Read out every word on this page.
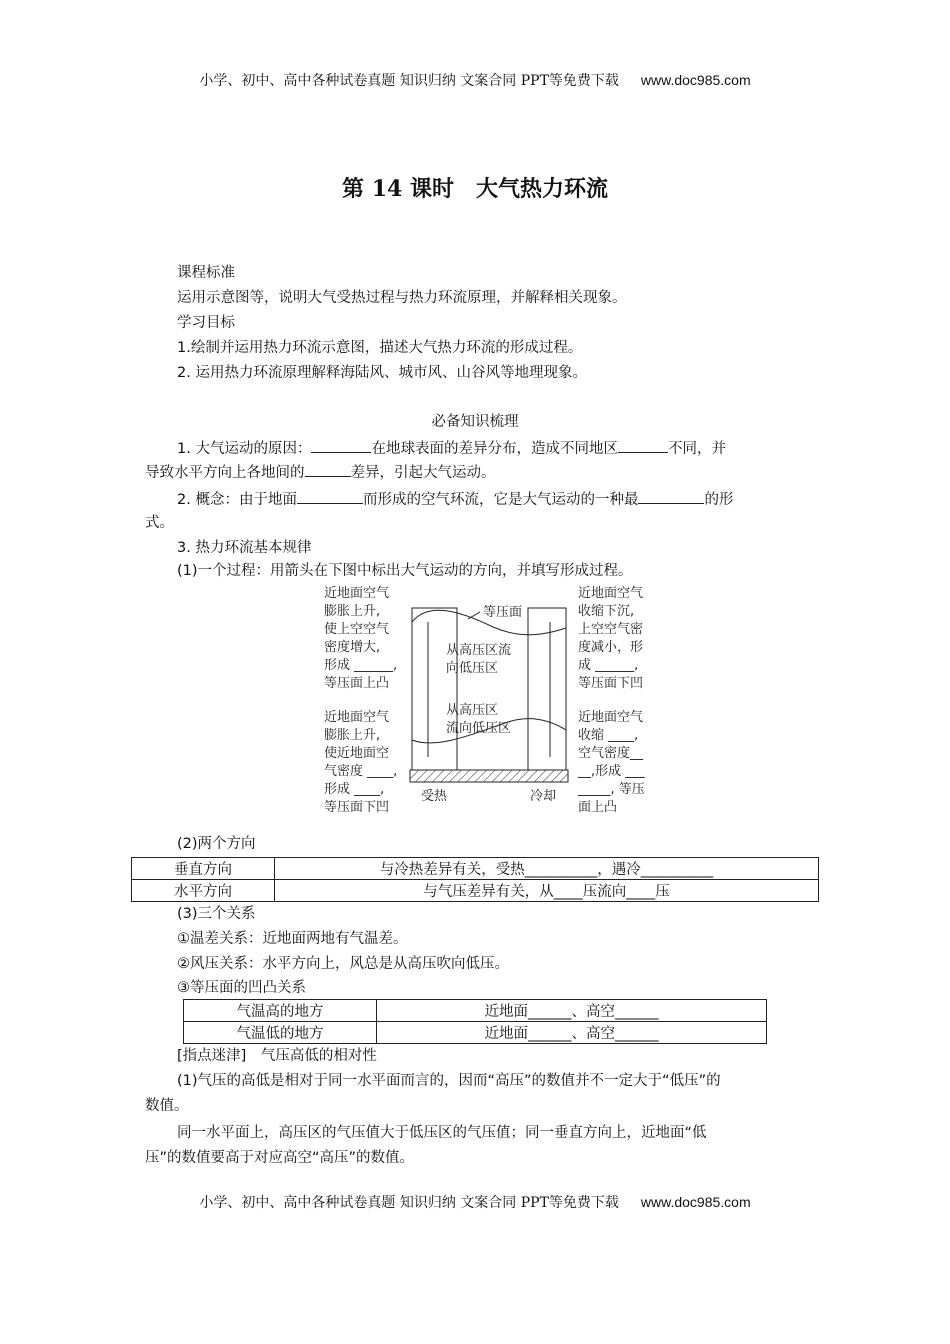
小学、初中、高中各种试卷真题 知识归纳 文案合同 PPT等免费下载 www.doc985.com
第 14 课时　大气热力环流
课程标准
运用示意图等，说明大气受热过程与热力环流原理，并解释相关现象。
学习目标
1.绘制并运用热力环流示意图，描述大气热力环流的形成过程。
2. 运用热力环流原理解释海陆风、城市风、山谷风等地理现象。
必备知识梳理
1. 大气运动的原因：	在地球表面的差异分布，造成不同地区	不同，并
导致水平方向上各地间的	差异，引起大气运动。
2. 概念：由于地面	而形成的空气环流，它是大气运动的一种最	的形
式。
3. 热力环流基本规律
(1)一个过程：用箭头在下图中标出大气运动的方向，并填写形成过程。
近地面空气
膨胀上升,
使上空空气
密度增大,
形成 ______,
等压面上凸
近地面空气
膨胀上升,
使近地面空
气密度 ____,
形成 ____,
等压面下凹
近地面空气
收缩下沉,
上空空气密
度减小，形
成 ______,
等压面下凹
近地面空气
收缩 ____,
空气密度__
__,形成 ___
_____, 等压
面上凸
等压面
从高压区流
向低压区
从高压区
流向低压区
受热	冷却
(2)两个方向
垂直方向	与冷热差异有关，受热__________，遇冷__________
水平方向	与气压差异有关，从____压流向____压
(3)三个关系
①温差关系：近地面两地有气温差。
②风压关系：水平方向上，风总是从高压吹向低压。
③等压面的凹凸关系
气温高的地方	近地面______、高空______
气温低的地方	近地面______、高空______
[指点迷津]　气压高低的相对性
(1)气压的高低是相对于同一水平面而言的，因而“高压”的数值并不一定大于“低压”的
数值。
同一水平面上，高压区的气压值大于低压区的气压值；同一垂直方向上，近地面“低
压”的数值要高于对应高空“高压”的数值。
小学、初中、高中各种试卷真题 知识归纳 文案合同 PPT等免费下载 www.doc985.com
